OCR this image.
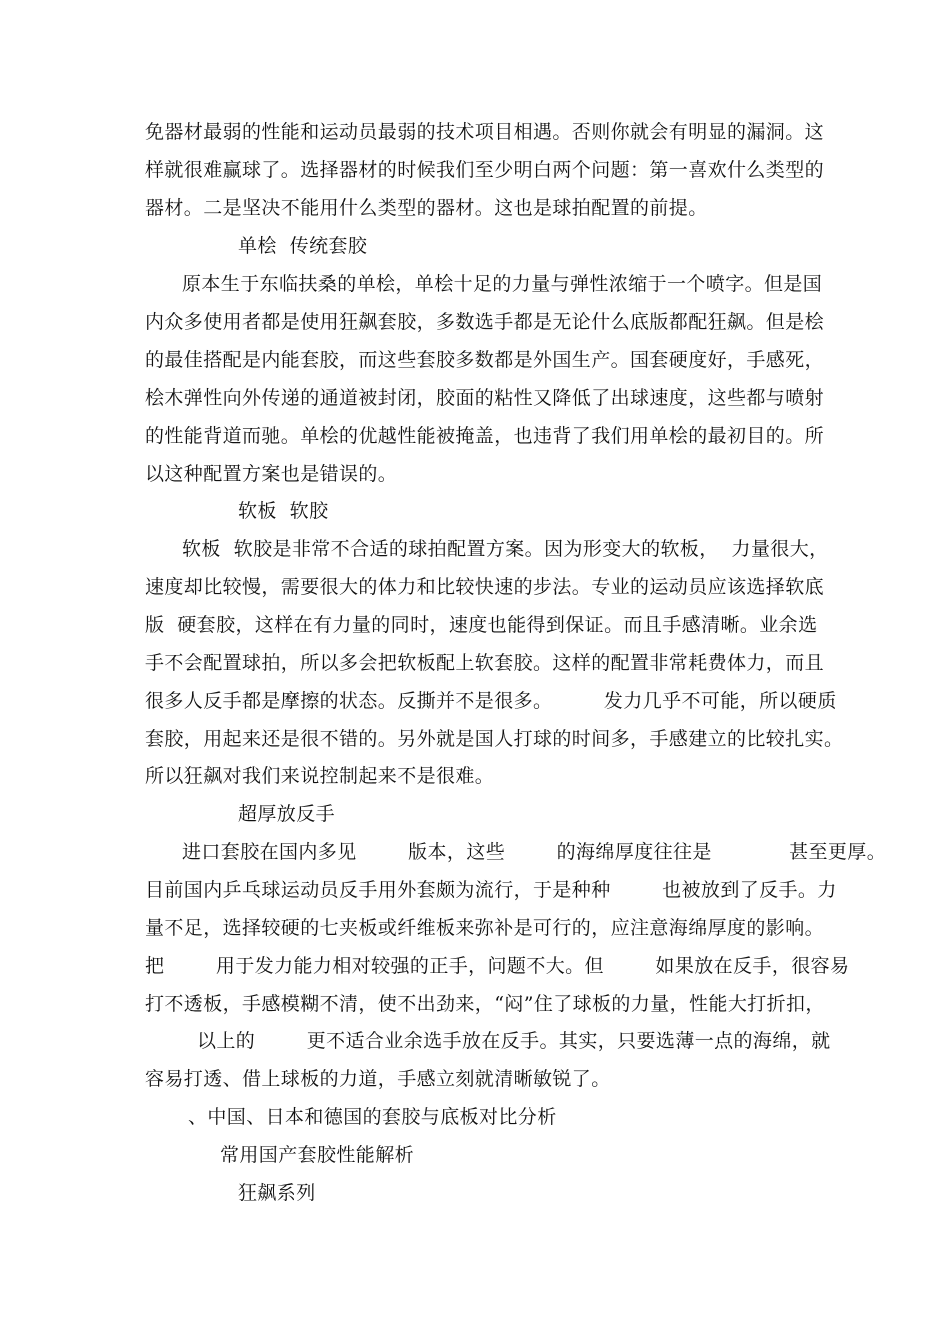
免器材最弱的性能和运动员最弱的技术项目相遇。否则你就会有明显的漏洞。这
样就很难赢球了。选择器材的时候我们至少明白两个问题：第一喜欢什么类型的
器材。二是坚决不能用什么类型的器材。这也是球拍配置的前提。
单桧  传统套胶
原本生于东临扶桑的单桧，单桧十足的力量与弹性浓缩于一个喷字。但是国
内众多使用者都是使用狂飙套胶，多数选手都是无论什么底版都配狂飙。但是桧
的最佳搭配是内能套胶，而这些套胶多数都是外国生产。国套硬度好，手感死，
桧木弹性向外传递的通道被封闭，胶面的粘性又降低了出球速度，这些都与喷射
的性能背道而驰。单桧的优越性能被掩盖，也违背了我们用单桧的最初目的。所
以这种配置方案也是错误的。
软板  软胶
软板  软胶是非常不合适的球拍配置方案。因为形变大的软板，  力量很大，
速度却比较慢，需要很大的体力和比较快速的步法。专业的运动员应该选择软底
版  硬套胶，这样在有力量的同时，速度也能得到保证。而且手感清晰。业余选
手不会配置球拍，所以多会把软板配上软套胶。这样的配置非常耗费体力，而且
很多人反手都是摩擦的状态。反撕并不是很多。        发力几乎不可能，所以硬质
套胶，用起来还是很不错的。另外就是国人打球的时间多，手感建立的比较扎实。
所以狂飙对我们来说控制起来不是很难。
超厚放反手
进口套胶在国内多见        版本，这些        的海绵厚度往往是            甚至更厚。
目前国内乒乓球运动员反手用外套颇为流行，于是种种        也被放到了反手。力
量不足，选择较硬的七夹板或纤维板来弥补是可行的，应注意海绵厚度的影响。
把        用于发力能力相对较强的正手，问题不大。但        如果放在反手，很容易
打不透板，手感模糊不清，使不出劲来，“闷”住了球板的力量，性能大打折扣，
以上的        更不适合业余选手放在反手。其实，只要选薄一点的海绵，就
容易打透、借上球板的力道，手感立刻就清晰敏锐了。
、中国、日本和德国的套胶与底板对比分析
常用国产套胶性能解析
狂飙系列
